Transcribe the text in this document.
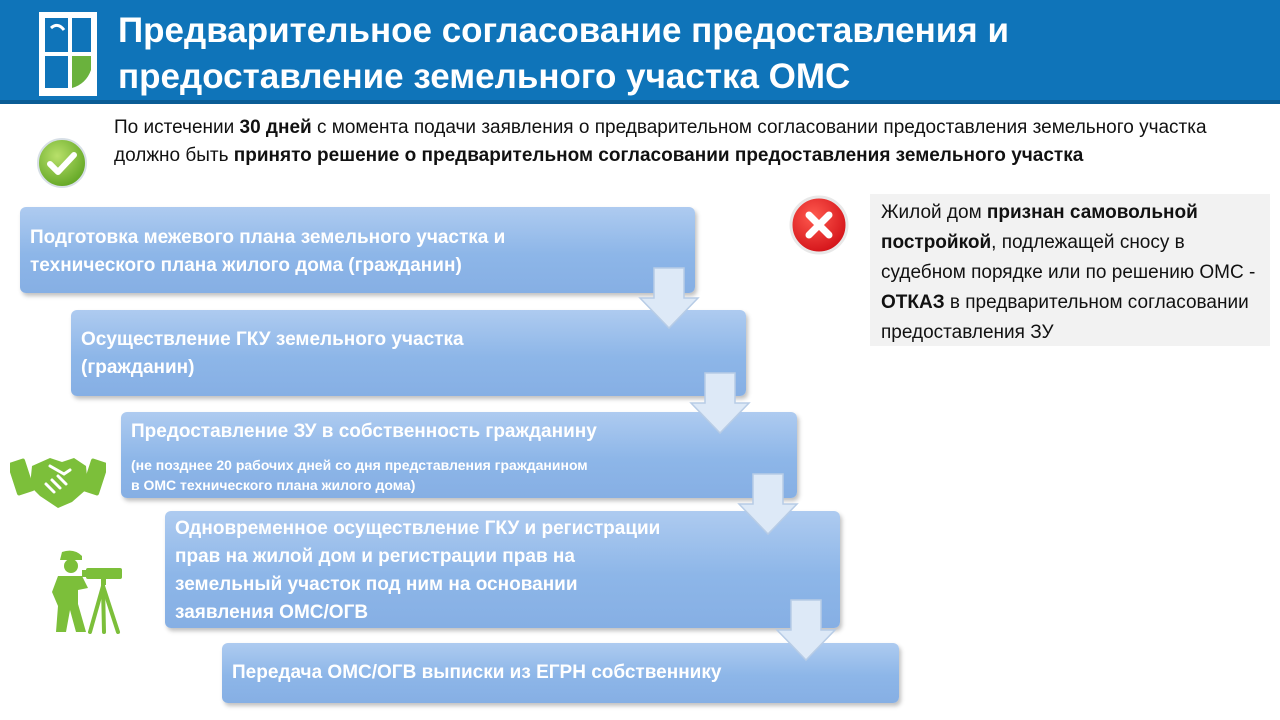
Предварительное согласование предоставления и предоставление земельного участка ОМС
По истечении 30 дней с момента подачи заявления о предварительном согласовании предоставления земельного участка должно быть принято решение о предварительном согласовании предоставления земельного участка
Подготовка межевого плана земельного участка и
технического плана жилого дома (гражданин)
Осуществление ГКУ земельного участка
(гражданин)
Предоставление ЗУ в собственность гражданину
(не позднее 20 рабочих дней со дня представления гражданином
в ОМС технического плана жилого дома)
Одновременное осуществление ГКУ и регистрации
прав на жилой дом и регистрации прав на
земельный участок под ним на основании
заявления ОМС/ОГВ
Передача ОМС/ОГВ выписки из ЕГРН собственнику
Жилой дом признан самовольной постройкой, подлежащей сносу в судебном порядке или по решению ОМС - ОТКАЗ в предварительном согласовании предоставления ЗУ
